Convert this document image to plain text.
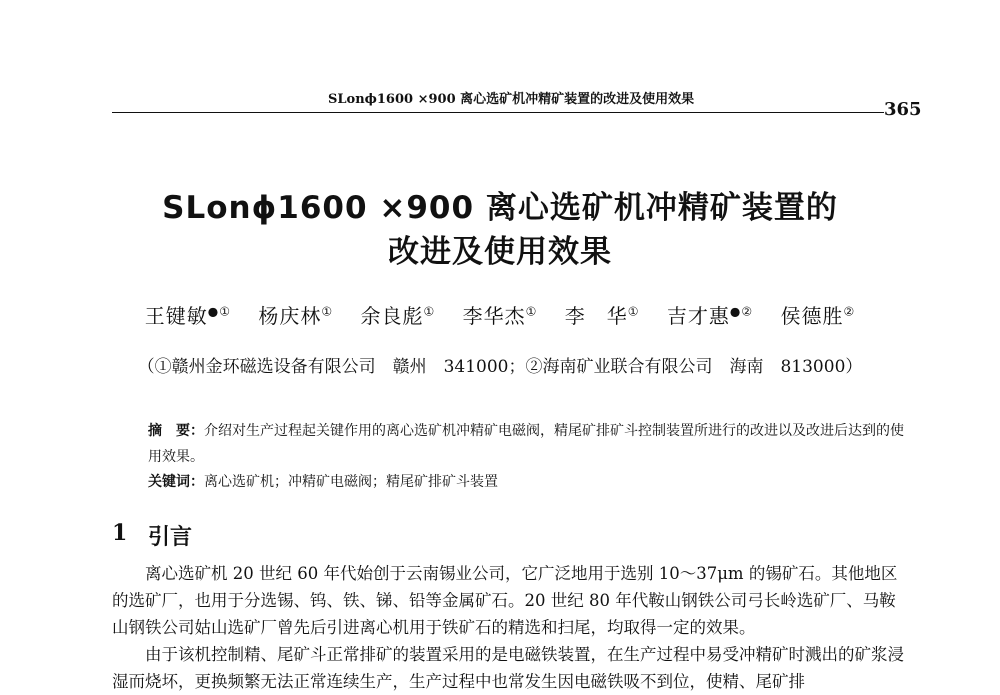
SLonϕ1600 ×900 离心选矿机冲精矿装置的改进及使用效果	365
SLonϕ1600 ×900 离心选矿机冲精矿装置的
改进及使用效果
王键敏●① 杨庆林① 余良彪① 李华杰① 李　华① 吉才惠●② 侯德胜②
（①赣州金环磁选设备有限公司　赣州　341000；②海南矿业联合有限公司　海南　813000）
摘　要：介绍对生产过程起关键作用的离心选矿机冲精矿电磁阀，精尾矿排矿斗控制装置所进行的改进以及改进后达到的使用效果。
关键词：离心选矿机；冲精矿电磁阀；精尾矿排矿斗装置
1 引言

离心选矿机 20 世纪 60 年代始创于云南锡业公司，它广泛地用于选别 10～37μm 的锡矿石。其他地区的选矿厂，也用于分选锡、钨、铁、锑、铅等金属矿石。20 世纪 80 年代鞍山钢铁公司弓长岭选矿厂、马鞍山钢铁公司姑山选矿厂曾先后引进离心机用于铁矿石的精选和扫尾，均取得一定的效果。

由于该机控制精、尾矿斗正常排矿的装置采用的是电磁铁装置，在生产过程中易受冲精矿时溅出的矿浆浸湿而烧坏，更换频繁无法正常连续生产，生产过程中也常发生因电磁铁吸不到位，使精、尾矿排
